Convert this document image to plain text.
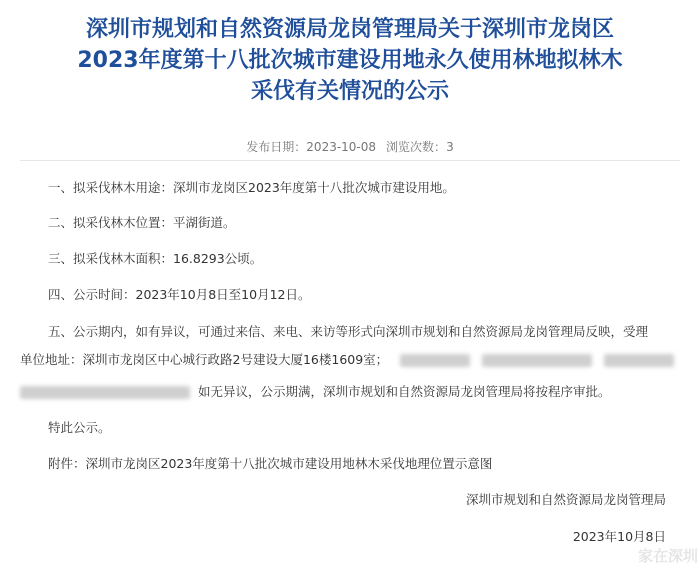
深圳市规划和自然资源局龙岗管理局关于深圳市龙岗区
2023年度第十八批次城市建设用地永久使用林地拟林木
采伐有关情况的公示
发布日期：2023-10-08 浏览次数：3
一、拟采伐林木用途：深圳市龙岗区2023年度第十八批次城市建设用地。
二、拟采伐林木位置：平湖街道。
三、拟采伐林木面积：16.8293公顷。
四、公示时间：2023年10月8日至10月12日。
五、公示期内，如有异议，可通过来信、来电、来访等形式向深圳市规划和自然资源局龙岗管理局反映，受理
单位地址：深圳市龙岗区中心城行政路2号建设大厦16楼1609室；
如无异议，公示期满，深圳市规划和自然资源局龙岗管理局将按程序审批。
特此公示。
附件：深圳市龙岗区2023年度第十八批次城市建设用地林木采伐地理位置示意图
深圳市规划和自然资源局龙岗管理局
2023年10月8日
家在深圳
